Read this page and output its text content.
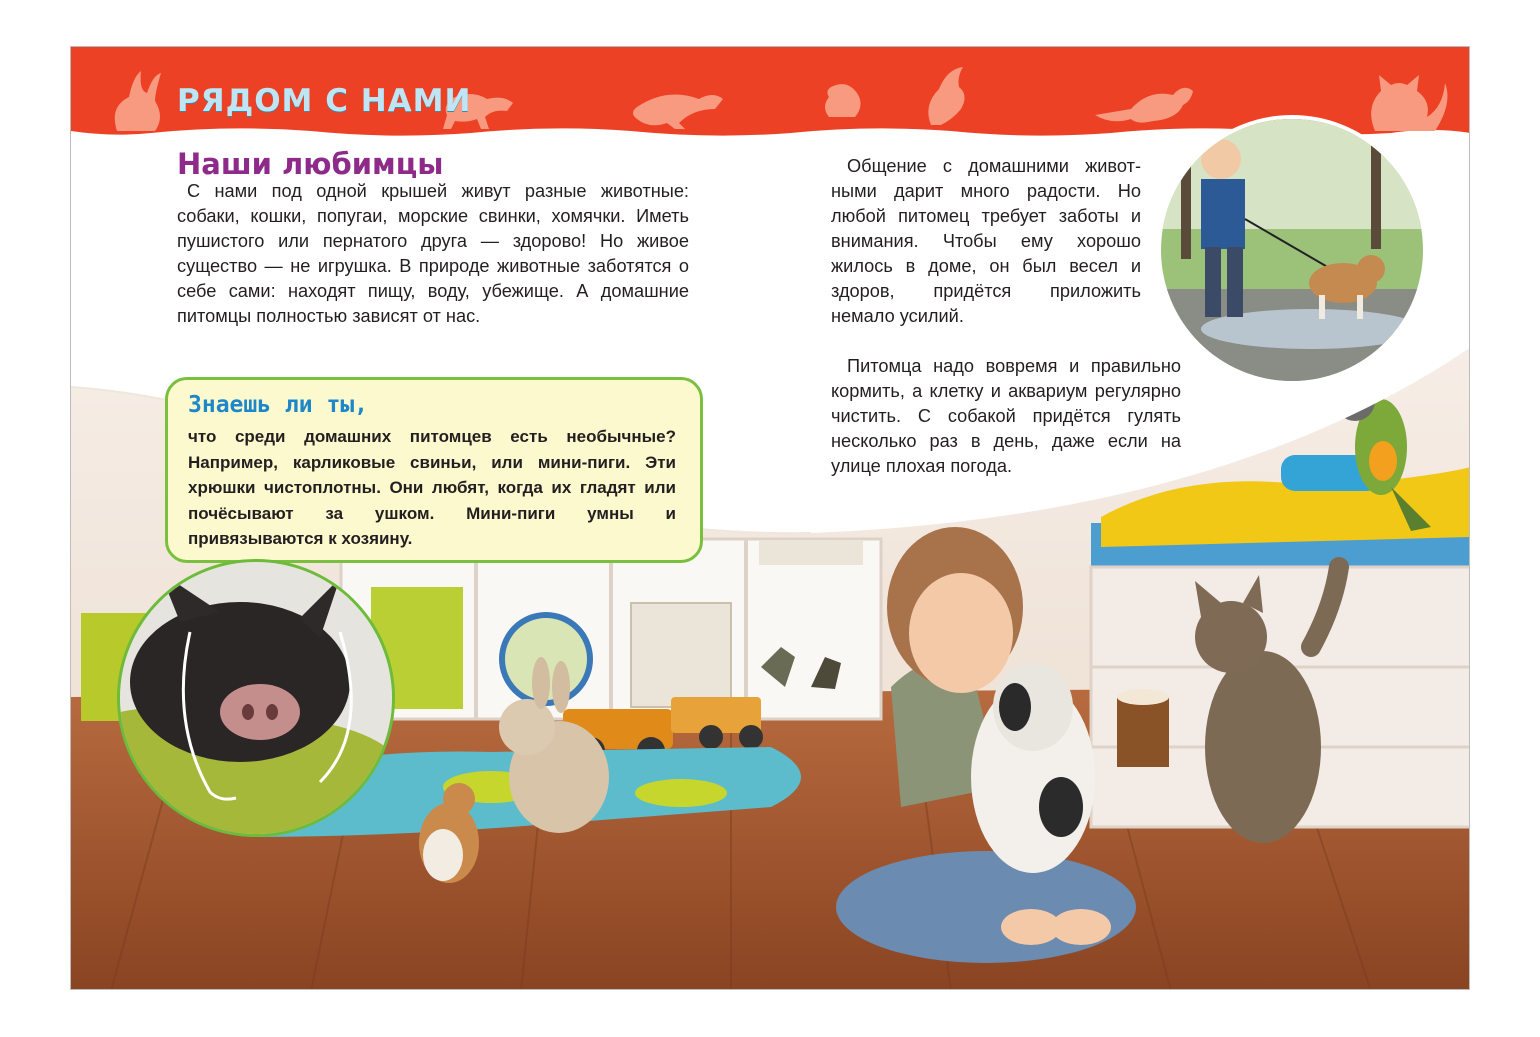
РЯДОМ С НАМИ
Наши любимцы

С нами под одной крышей живут разные животные: собаки, кошки, попугаи, морские свинки, хомячки. Иметь пушистого или пернатого друга — здорово! Но живое существо — не игрушка. В природе животные заботятся о себе сами: находят пищу, воду, убежище. А домашние питомцы полностью зависят от нас.

Общение с домашними животными дарит много радости. Но любой питомец требует заботы и внимания. Чтобы ему хорошо жилось в доме, он был весел и здоров, придётся приложить немало усилий.

Питомца надо вовремя и правильно кормить, а клетку и аквариум регулярно чистить. С собакой придётся гулять несколько раз в день, даже если на улице плохая погода.

Знаешь ли ты,

что среди домашних питомцев есть необычные? Например, карликовые свиньи, или мини-пиги. Эти хрюшки чистоплотны. Они любят, когда их гладят или почёсывают за ушком. Мини-пиги умны и привязываются к хозяину.
